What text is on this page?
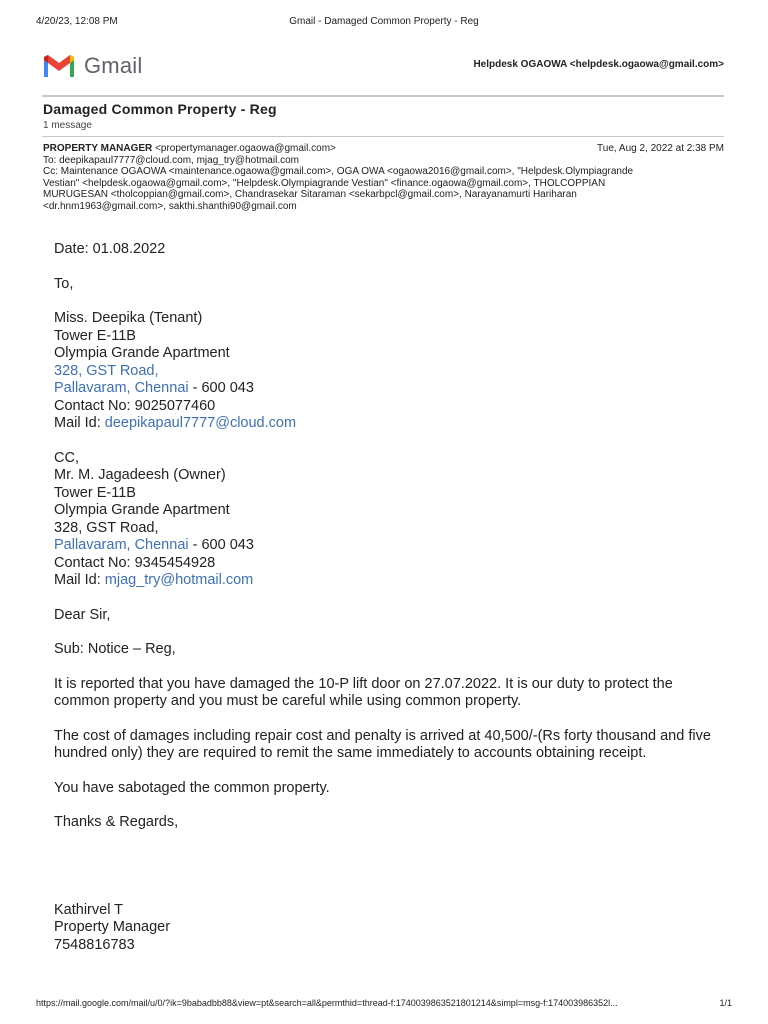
4/20/23, 12:08 PM	Gmail - Damaged Common Property - Reg
Gmail	Helpdesk OGAOWA <helpdesk.ogaowa@gmail.com>
Damaged Common Property - Reg
1 message
PROPERTY MANAGER <propertymanager.ogaowa@gmail.com>	Tue, Aug 2, 2022 at 2:38 PM
To: deepikapaul7777@cloud.com, mjag_try@hotmail.com
Cc: Maintenance OGAOWA <maintenance.ogaowa@gmail.com>, OGA OWA <ogaowa2016@gmail.com>, "Helpdesk.Olympiagrande
Vestian" <helpdesk.ogaowa@gmail.com>, "Helpdesk.Olympiagrande Vestian" <finance.ogaowa@gmail.com>, THOLCOPPIAN
MURUGESAN <tholcoppian@gmail.com>, Chandrasekar Sitaraman <sekarbpcl@gmail.com>, Narayanamurti Hariharan
<dr.hnm1963@gmail.com>, sakthi.shanthi90@gmail.com

Date: 01.08.2022

To,

Miss. Deepika (Tenant)
Tower E-11B
Olympia Grande Apartment
328, GST Road,
Pallavaram, Chennai - 600 043
Contact No: 9025077460
Mail Id: deepikapaul7777@cloud.com

CC,
Mr. M. Jagadeesh (Owner)
Tower E-11B
Olympia Grande Apartment
328, GST Road,
Pallavaram, Chennai - 600 043
Contact No: 9345454928
Mail Id: mjag_try@hotmail.com

Dear Sir,

Sub: Notice – Reg,

It is reported that you have damaged the 10-P lift door on 27.07.2022. It is our duty to protect the common property and you must be careful while using common property.

The cost of damages including repair cost and penalty is arrived at 40,500/-(Rs forty thousand and five hundred only) they are required to remit the same immediately to accounts obtaining receipt.

You have sabotaged the common property.

Thanks & Regards,

Kathirvel T
Property Manager
7548816783

https://mail.google.com/mail/u/0/?ik=9babadbb88&view=pt&search=all&permthid=thread-f:1740039863521801214&simpl=msg-f:174003986352l...	1/1
